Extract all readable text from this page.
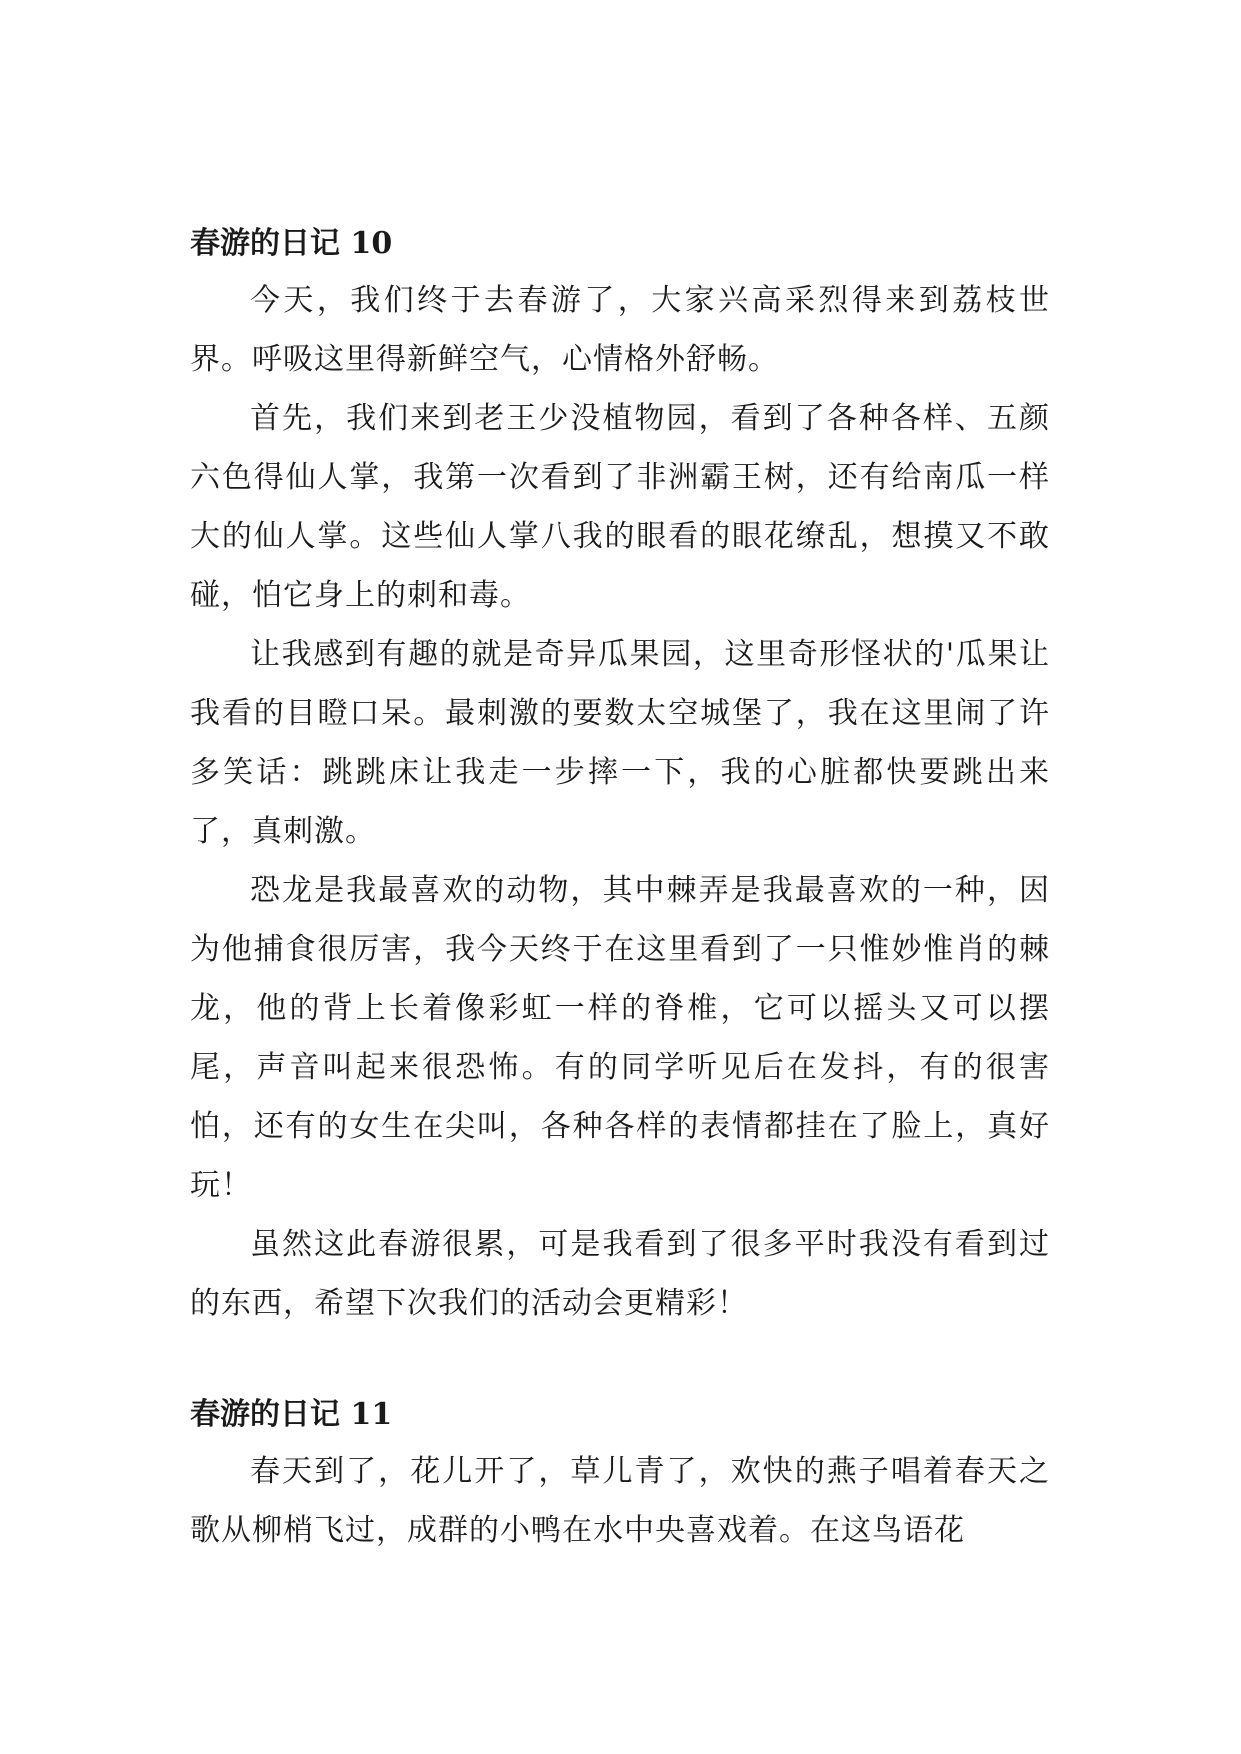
春游的日记 10

今天，我们终于去春游了，大家兴高采烈得来到荔枝世界。呼吸这里得新鲜空气，心情格外舒畅。

首先，我们来到老王少没植物园，看到了各种各样、五颜六色得仙人掌，我第一次看到了非洲霸王树，还有给南瓜一样大的仙人掌。这些仙人掌八我的眼看的眼花缭乱，想摸又不敢碰，怕它身上的刺和毒。

让我感到有趣的就是奇异瓜果园，这里奇形怪状的'瓜果让我看的目瞪口呆。最刺激的要数太空城堡了，我在这里闹了许多笑话：跳跳床让我走一步摔一下，我的心脏都快要跳出来了，真刺激。

恐龙是我最喜欢的动物，其中棘弄是我最喜欢的一种，因为他捕食很厉害，我今天终于在这里看到了一只惟妙惟肖的棘龙，他的背上长着像彩虹一样的脊椎，它可以摇头又可以摆尾，声音叫起来很恐怖。有的同学听见后在发抖，有的很害怕，还有的女生在尖叫，各种各样的表情都挂在了脸上，真好玩！

虽然这此春游很累，可是我看到了很多平时我没有看到过的东西，希望下次我们的活动会更精彩！

春游的日记 11

春天到了，花儿开了，草儿青了，欢快的燕子唱着春天之歌从柳梢飞过，成群的小鸭在水中央喜戏着。在这鸟语花
